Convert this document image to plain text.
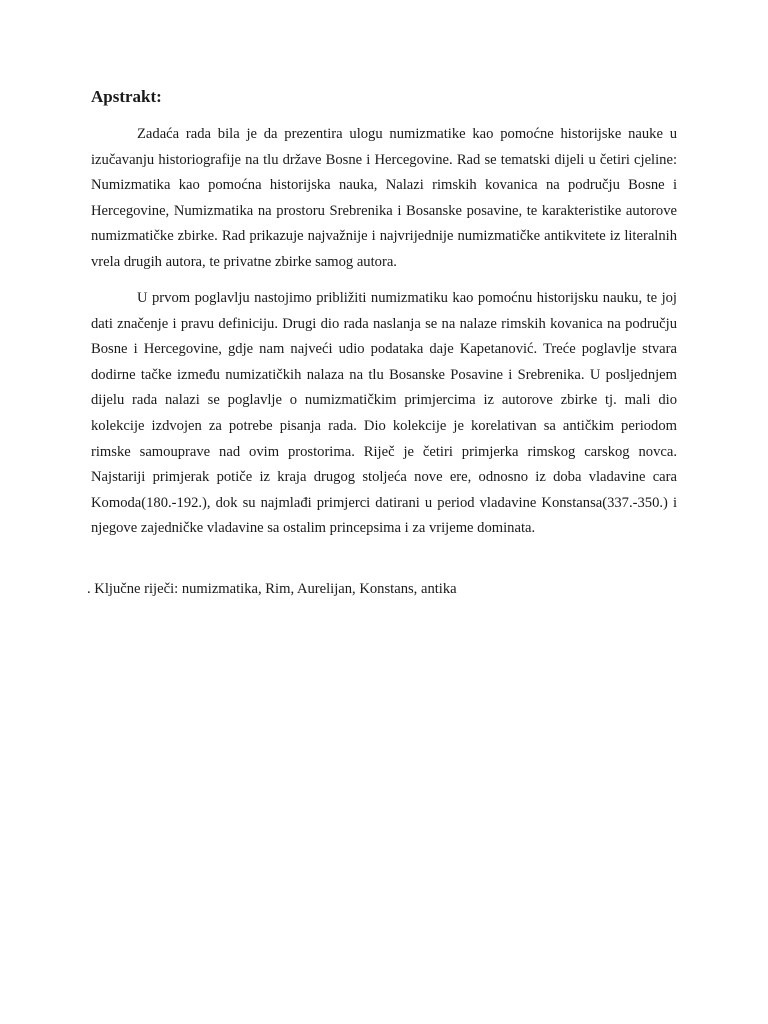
Apstrakt:

Zadaća rada bila je da prezentira ulogu numizmatike kao pomoćne historijske nauke u izučavanju historiografije na tlu države Bosne i Hercegovine. Rad se tematski dijeli u četiri cjeline: Numizmatika kao pomoćna historijska nauka, Nalazi rimskih kovanica na području Bosne i Hercegovine, Numizmatika na prostoru Srebrenika i Bosanske posavine, te karakteristike autorove numizmatičke zbirke. Rad prikazuje najvažnije i najvrijednije numizmatičke antikvitete iz literalnih vrela drugih autora, te privatne zbirke samog autora.

U prvom poglavlju nastojimo približiti numizmatiku kao pomoćnu historijsku nauku, te joj dati značenje i pravu definiciju. Drugi dio rada naslanja se na nalaze rimskih kovanica na području Bosne i Hercegovine, gdje nam najveći udio podataka daje Kapetanović. Treće poglavlje stvara dodirne tačke između numizatičkih nalaza na tlu Bosanske Posavine i Srebrenika. U posljednjem dijelu rada nalazi se poglavlje o numizmatičkim primjercima iz autorove zbirke tj. mali dio kolekcije izdvojen za potrebe pisanja rada. Dio kolekcije je korelativan sa antičkim periodom rimske samouprave nad ovim prostorima. Riječ je četiri primjerka rimskog carskog novca. Najstariji primjerak potiče iz kraja drugog stoljeća nove ere, odnosno iz doba vladavine cara Komoda(180.-192.), dok su najmlađi primjerci datirani u period vladavine Konstansa(337.-350.) i njegove zajedničke vladavine sa ostalim princepsima i za vrijeme dominata.

. Ključne riječi: numizmatika, Rim, Aurelijan, Konstans, antika
